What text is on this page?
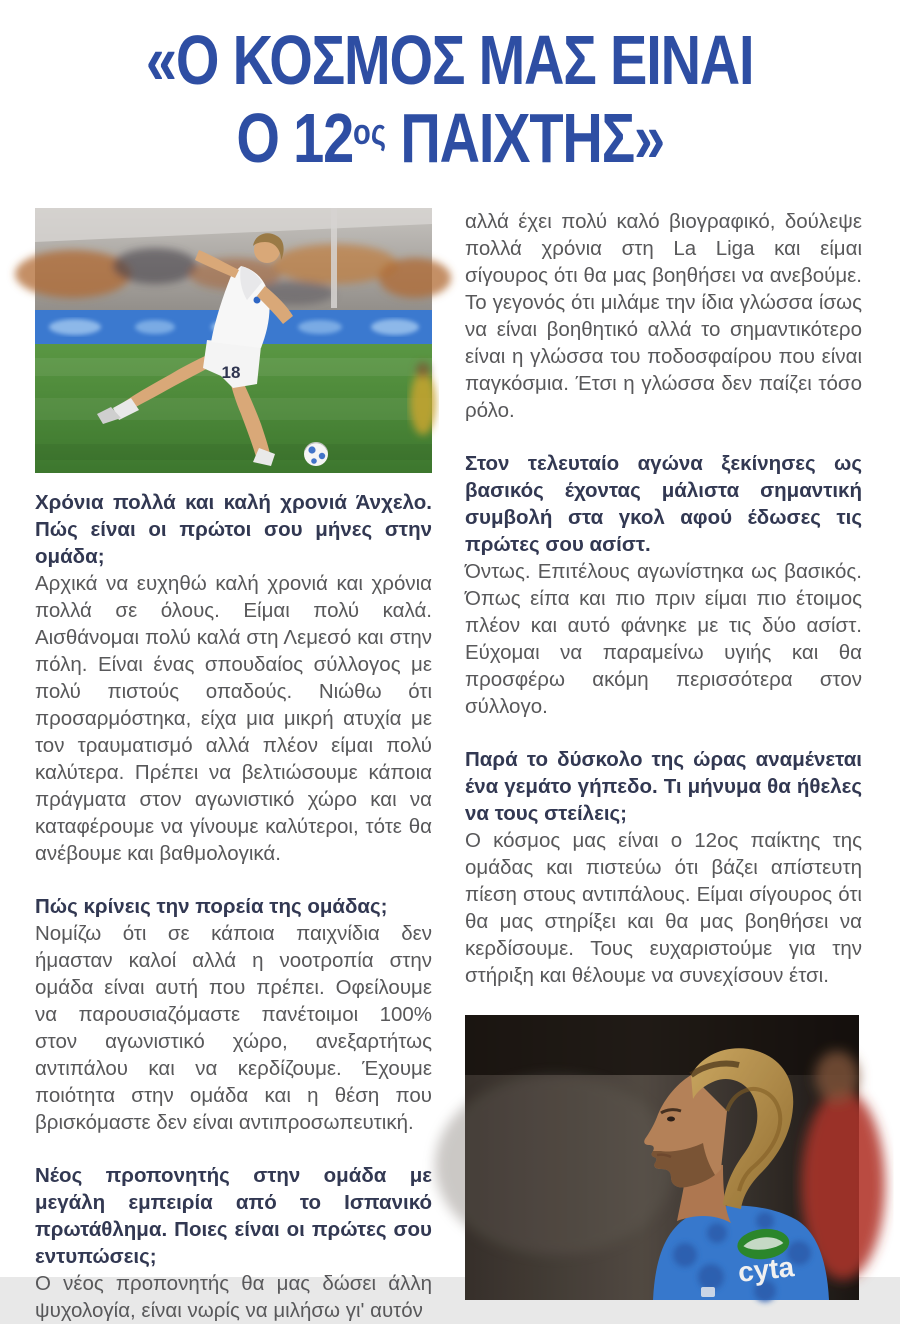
«Ο ΚΟΣΜΟΣ ΜΑΣ ΕΙΝΑΙ
Ο $12^{o\varsigma}$ ΠΑΙΧΤΗΣ»
18

Χρόνια πολλά και καλή χρονιά Άνχελο. Πώς είναι οι πρώτοι σου μήνες στην ομάδα;

Αρχικά να ευχηθώ καλή χρονιά και χρόνια πολλά σε όλους. Είμαι πολύ καλά. Αισθάνομαι πολύ καλά στη Λεμεσό και στην πόλη. Είναι ένας σπουδαίος σύλλογος με πολύ πιστούς οπαδούς. Νιώθω ότι προσαρμόστηκα, είχα μια μικρή ατυχία με τον τραυματισμό αλλά πλέον είμαι πολύ καλύτερα. Πρέπει να βελτιώσουμε κάποια πράγματα στον αγωνιστικό χώρο και να καταφέρουμε να γίνουμε καλύτεροι, τότε θα ανέβουμε και βαθμολογικά.

Πώς κρίνεις την πορεία της ομάδας;

Νομίζω ότι σε κάποια παιχνίδια δεν ήμασταν καλοί αλλά η νοοτροπία στην ομάδα είναι αυτή που πρέπει. Οφείλουμε να παρουσιαζόμαστε πανέτοιμοι 100% στον αγωνιστικό χώρο, ανεξαρτήτως αντιπάλου και να κερδίζουμε. Έχουμε ποιότητα στην ομάδα και η θέση που βρισκόμαστε δεν είναι αντιπροσωπευτική.

Νέος προπονητής στην ομάδα με μεγάλη εμπειρία από το Ισπανικό πρωτάθλημα. Ποιες είναι οι πρώτες σου εντυπώσεις;

Ο νέος προπονητής θα μας δώσει άλλη ψυχολογία, είναι νωρίς να μιλήσω γι' αυτόν

αλλά έχει πολύ καλό βιογραφικό, δούλεψε πολλά χρόνια στη La Liga και είμαι σίγουρος ότι θα μας βοηθήσει να ανεβούμε. Το γεγονός ότι μιλάμε την ίδια γλώσσα ίσως να είναι βοηθητικό αλλά το σημαντικότερο είναι η γλώσσα του ποδοσφαίρου που είναι παγκόσμια. Έτσι η γλώσσα δεν παίζει τόσο ρόλο.

Στον τελευταίο αγώνα ξεκίνησες ως βασικός έχοντας μάλιστα σημαντική συμβολή στα γκολ αφού έδωσες τις πρώτες σου ασίστ.

Όντως. Επιτέλους αγωνίστηκα ως βασικός. Όπως είπα και πιο πριν είμαι πιο έτοιμος πλέον και αυτό φάνηκε με τις δύο ασίστ. Εύχομαι να παραμείνω υγιής και θα προσφέρω ακόμη περισσότερα στον σύλλογο.

Παρά το δύσκολο της ώρας αναμένεται ένα γεμάτο γήπεδο. Τι μήνυμα θα ήθελες να τους στείλεις;

Ο κόσμος μας είναι ο 12ος παίκτης της ομάδας και πιστεύω ότι βάζει απίστευτη πίεση στους αντιπάλους. Είμαι σίγουρος ότι θα μας στηρίξει και θα μας βοηθήσει να κερδίσουμε. Τους ευχαριστούμε για την στήριξη και θέλουμε να συνεχίσουν έτσι.

cyta
